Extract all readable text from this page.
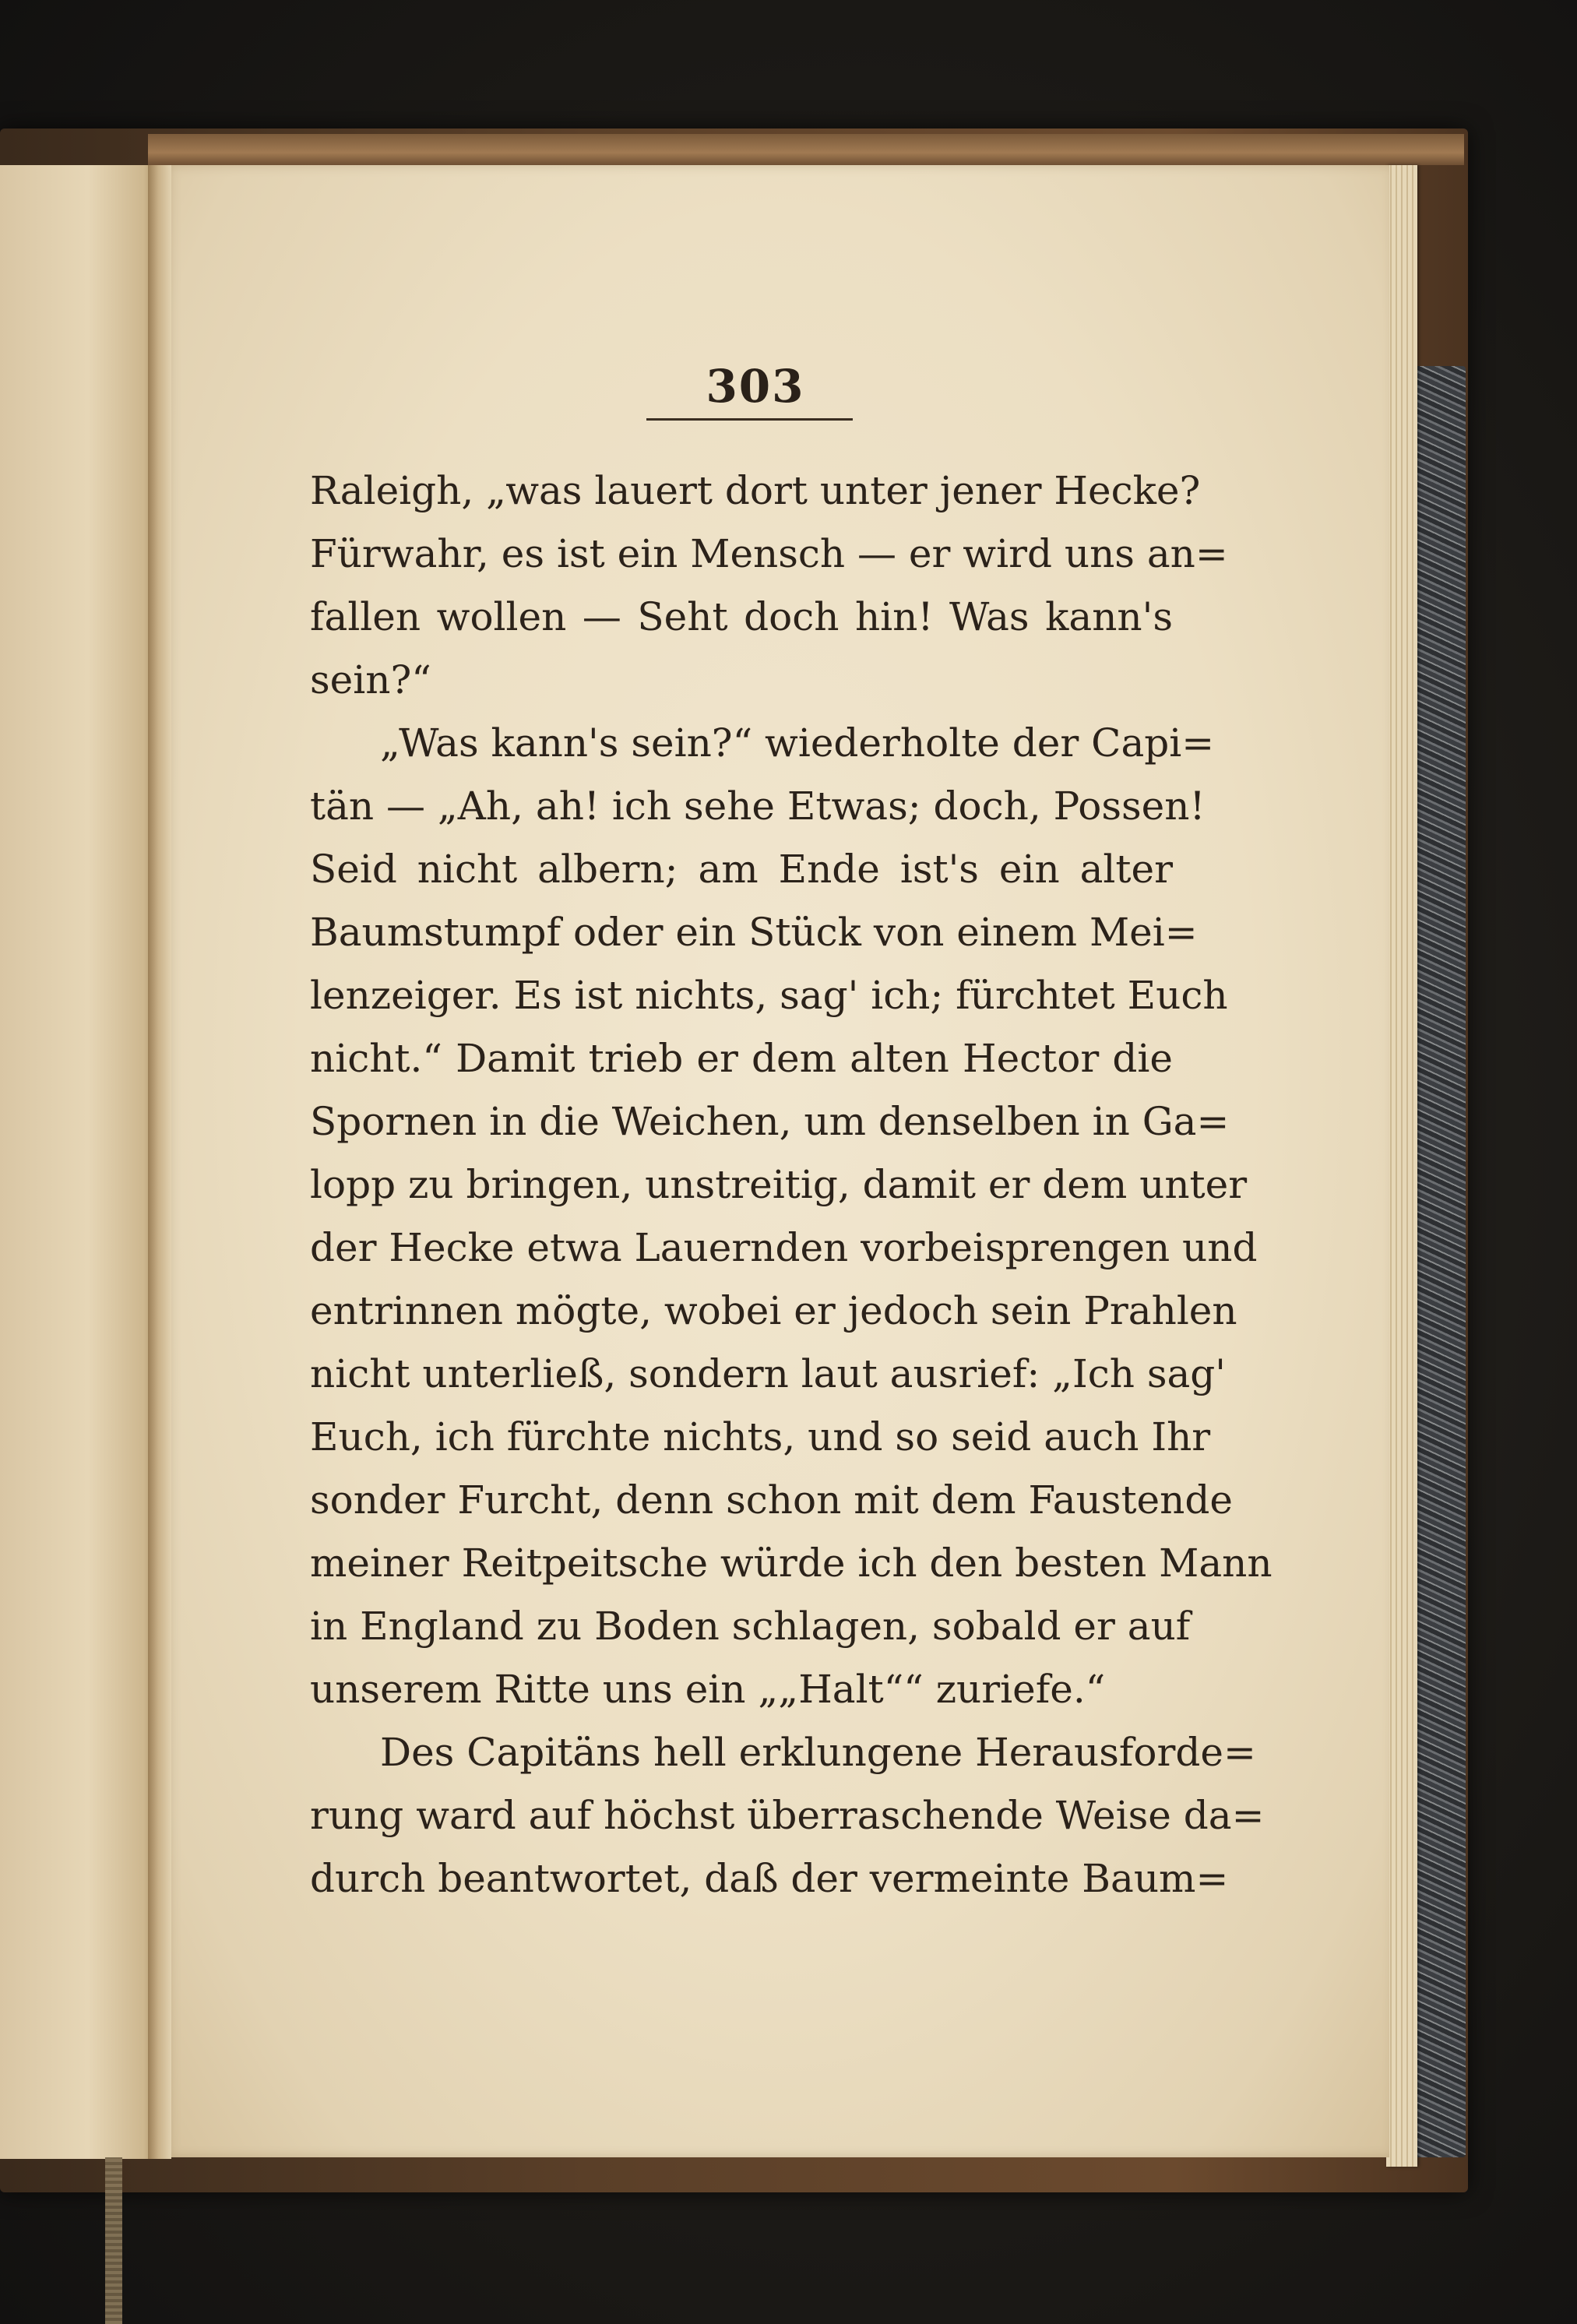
303
Raleigh, „was lauert dort unter jener Hecke?
Fürwahr, es ist ein Mensch — er wird uns an=
fallen wollen — Seht doch hin! Was kann's
sein?“
„Was kann's sein?“ wiederholte der Capi=
tän — „Ah, ah! ich sehe Etwas; doch, Possen!
Seid nicht albern; am Ende ist's ein alter
Baumstumpf oder ein Stück von einem Mei=
lenzeiger. Es ist nichts, sag' ich; fürchtet Euch
nicht.“ Damit trieb er dem alten Hector die
Spornen in die Weichen, um denselben in Ga=
lopp zu bringen, unstreitig, damit er dem unter
der Hecke etwa Lauernden vorbeisprengen und
entrinnen mögte, wobei er jedoch sein Prahlen
nicht unterließ, sondern laut ausrief: „Ich sag'
Euch, ich fürchte nichts, und so seid auch Ihr
sonder Furcht, denn schon mit dem Faustende
meiner Reitpeitsche würde ich den besten Mann
in England zu Boden schlagen, sobald er auf
unserem Ritte uns ein „„Halt““ zuriefe.“
Des Capitäns hell erklungene Herausforde=
rung ward auf höchst überraschende Weise da=
durch beantwortet, daß der vermeinte Baum=
